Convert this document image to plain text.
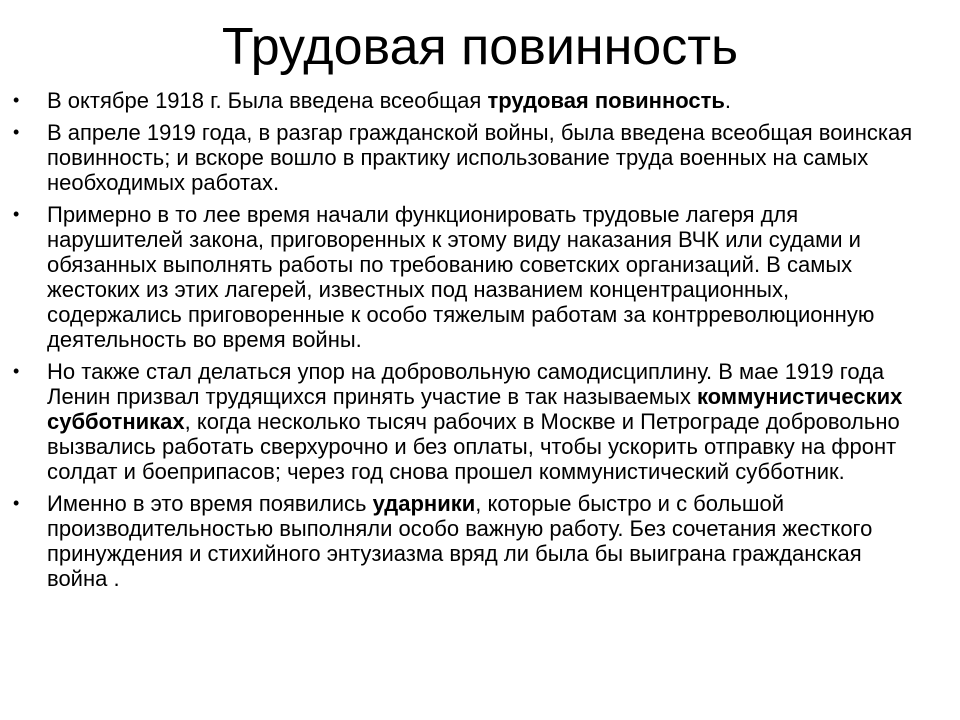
Трудовая повинность
• В октябре 1918 г. Была введена всеобщая трудовая повинность.
• В апреле 1919 года, в разгар гражданской войны, была введена всеобщая воинская повинность; и вскоре вошло в практику использование труда военных на самых необходимых работах.
• Примерно в то лее время начали функционировать трудовые лагеря для нарушителей закона, приговоренных к этому виду наказания ВЧК или судами и обязанных выполнять работы по требованию советских организаций. В самых жестоких из этих лагерей, известных под названием концентрационных, содержались приговоренные к особо тяжелым работам за контрреволюционную деятельность во время войны.
• Но также стал делаться упор на добровольную самодисциплину. В мае 1919 года Ленин призвал трудящихся принять участие в так называемых коммунистических субботниках, когда несколько тысяч рабочих в Москве и Петрограде добровольно вызвались работать сверхурочно и без оплаты, чтобы ускорить отправку на фронт солдат и боеприпасов; через год снова прошел коммунистический субботник.
• Именно в это время появились ударники, которые быстро и с большой производительностью выполняли особо важную работу. Без сочетания жесткого принуждения и стихийного энтузиазма вряд ли была бы выиграна гражданская война .
